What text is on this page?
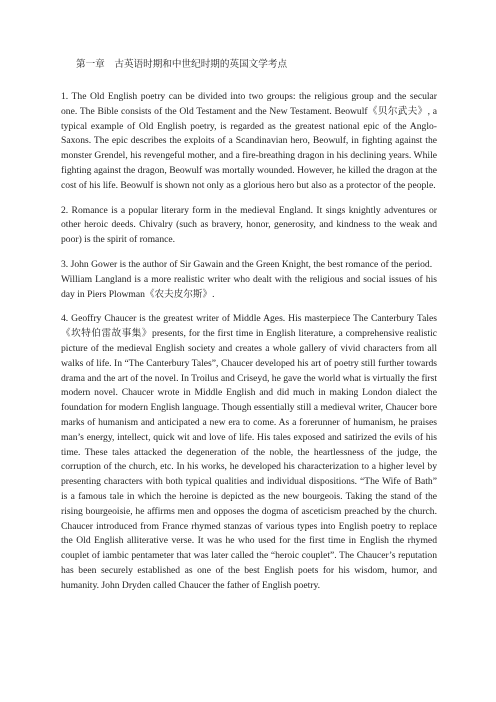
第一章　古英语时期和中世纪时期的英国文学考点

1. The Old English poetry can be divided into two groups: the religious group and the secular one. The Bible consists of the Old Testament and the New Testament. Beowulf《贝尔武夫》, a typical example of Old English poetry, is regarded as the greatest national epic of the Anglo-Saxons. The epic describes the exploits of a Scandinavian hero, Beowulf, in fighting against the monster Grendel, his revengeful mother, and a fire-breathing dragon in his declining years. While fighting against the dragon, Beowulf was mortally wounded. However, he killed the dragon at the cost of his life. Beowulf is shown not only as a glorious hero but also as a protector of the people.

2. Romance is a popular literary form in the medieval England. It sings knightly adventures or other heroic deeds. Chivalry (such as bravery, honor, generosity, and kindness to the weak and poor) is the spirit of romance.

3. John Gower is the author of Sir Gawain and the Green Knight, the best romance of the period.

William Langland is a more realistic writer who dealt with the religious and social issues of his day in Piers Plowman《农夫皮尔斯》.

4. Geoffry Chaucer is the greatest writer of Middle Ages. His masterpiece The Canterbury Tales《坎特伯雷故事集》presents, for the first time in English literature, a comprehensive realistic picture of the medieval English society and creates a whole gallery of vivid characters from all walks of life. In “The Canterbury Tales”, Chaucer developed his art of poetry still further towards drama and the art of the novel. In Troilus and Criseyd, he gave the world what is virtually the first modern novel. Chaucer wrote in Middle English and did much in making London dialect the foundation for modern English language. Though essentially still a medieval writer, Chaucer bore marks of humanism and anticipated a new era to come. As a forerunner of humanism, he praises man’s energy, intellect, quick wit and love of life. His tales exposed and satirized the evils of his time. These tales attacked the degeneration of the noble, the heartlessness of the judge, the corruption of the church, etc. In his works, he developed his characterization to a higher level by presenting characters with both typical qualities and individual dispositions. “The Wife of Bath” is a famous tale in which the heroine is depicted as the new bourgeois. Taking the stand of the rising bourgeoisie, he affirms men and opposes the dogma of asceticism preached by the church. Chaucer introduced from France rhymed stanzas of various types into English poetry to replace the Old English alliterative verse. It was he who used for the first time in English the rhymed couplet of iambic pentameter that was later called the “heroic couplet”. The Chaucer’s reputation has been securely established as one of the best English poets for his wisdom, humor, and humanity. John Dryden called Chaucer the father of English poetry.
